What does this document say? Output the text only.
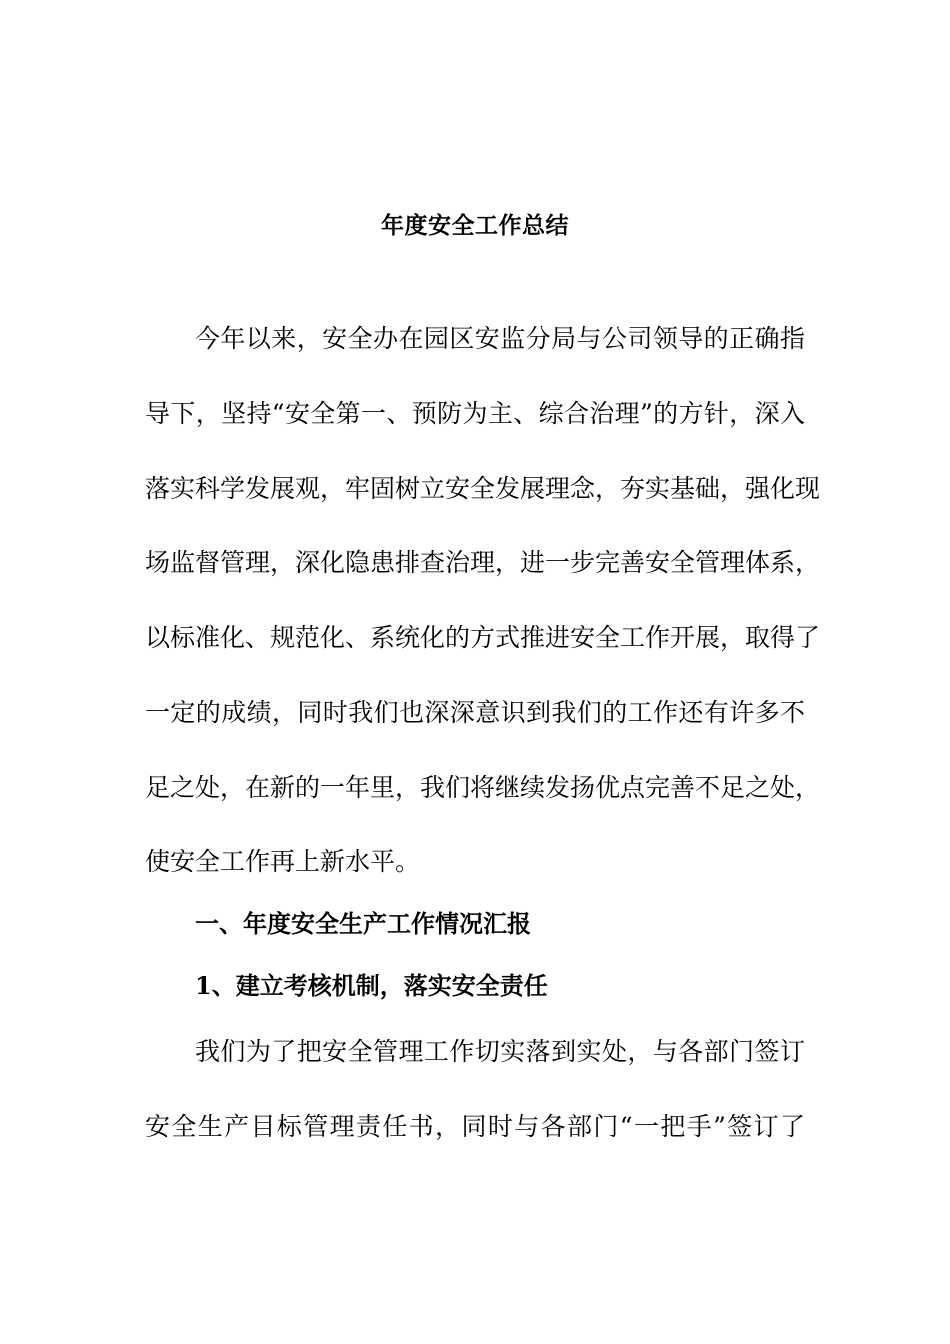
年度安全工作总结
今年以来，安全办在园区安监分局与公司领导的正确指
导下，坚持“安全第一、预防为主、综合治理”的方针，深入
落实科学发展观，牢固树立安全发展理念，夯实基础，强化现
场监督管理，深化隐患排查治理，进一步完善安全管理体系，
以标准化、规范化、系统化的方式推进安全工作开展，取得了
一定的成绩，同时我们也深深意识到我们的工作还有许多不
足之处，在新的一年里，我们将继续发扬优点完善不足之处，
使安全工作再上新水平。
一、年度安全生产工作情况汇报
1、建立考核机制，落实安全责任
我们为了把安全管理工作切实落到实处，与各部门签订
安全生产目标管理责任书，同时与各部门“一把手”签订了
